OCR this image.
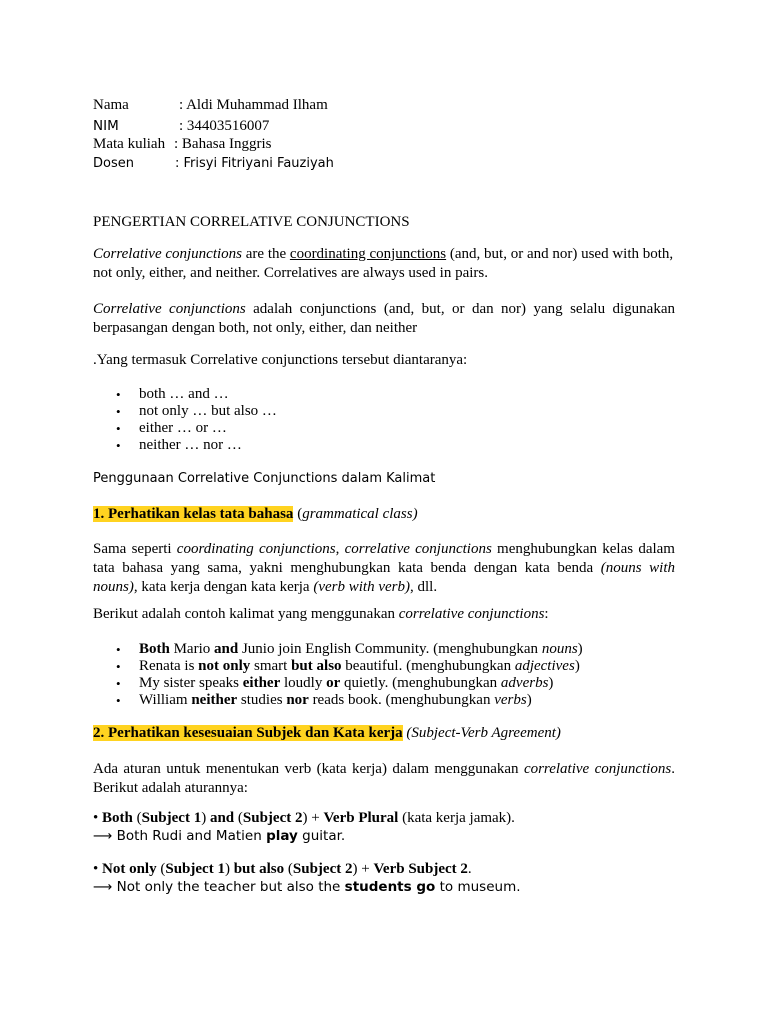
Nama	: Aldi Muhammad Ilham
NIM	: 34403516007
Mata kuliah : Bahasa Inggris
Dosen	: Frisyi Fitriyani Fauziyah
PENGERTIAN CORRELATIVE CONJUNCTIONS
Correlative conjunctions are the coordinating conjunctions (and, but, or and nor) used with both, not only, either, and neither. Correlatives are always used in pairs.
Correlative conjunctions adalah conjunctions (and, but, or dan nor) yang selalu digunakan berpasangan dengan both, not only, either, dan neither
.Yang termasuk Correlative conjunctions tersebut diantaranya:
• both … and …
• not only … but also …
• either … or …
• neither … nor …
Penggunaan Correlative Conjunctions dalam Kalimat
1. Perhatikan kelas tata bahasa (grammatical class)
Sama seperti coordinating conjunctions, correlative conjunctions menghubungkan kelas dalam tata bahasa yang sama, yakni menghubungkan kata benda dengan kata benda (nouns with nouns), kata kerja dengan kata kerja (verb with verb), dll.
Berikut adalah contoh kalimat yang menggunakan correlative conjunctions:
• Both Mario and Junio join English Community. (menghubungkan nouns)
• Renata is not only smart but also beautiful. (menghubungkan adjectives)
• My sister speaks either loudly or quietly. (menghubungkan adverbs)
• William neither studies nor reads book. (menghubungkan verbs)
2. Perhatikan kesesuaian Subjek dan Kata kerja (Subject-Verb Agreement)
Ada aturan untuk menentukan verb (kata kerja) dalam menggunakan correlative conjunctions. Berikut adalah aturannya:
• Both (Subject 1) and (Subject 2) + Verb Plural (kata kerja jamak).
⟶ Both Rudi and Matien play guitar.
• Not only (Subject 1) but also (Subject 2) + Verb Subject 2.
⟶ Not only the teacher but also the students go to museum.
